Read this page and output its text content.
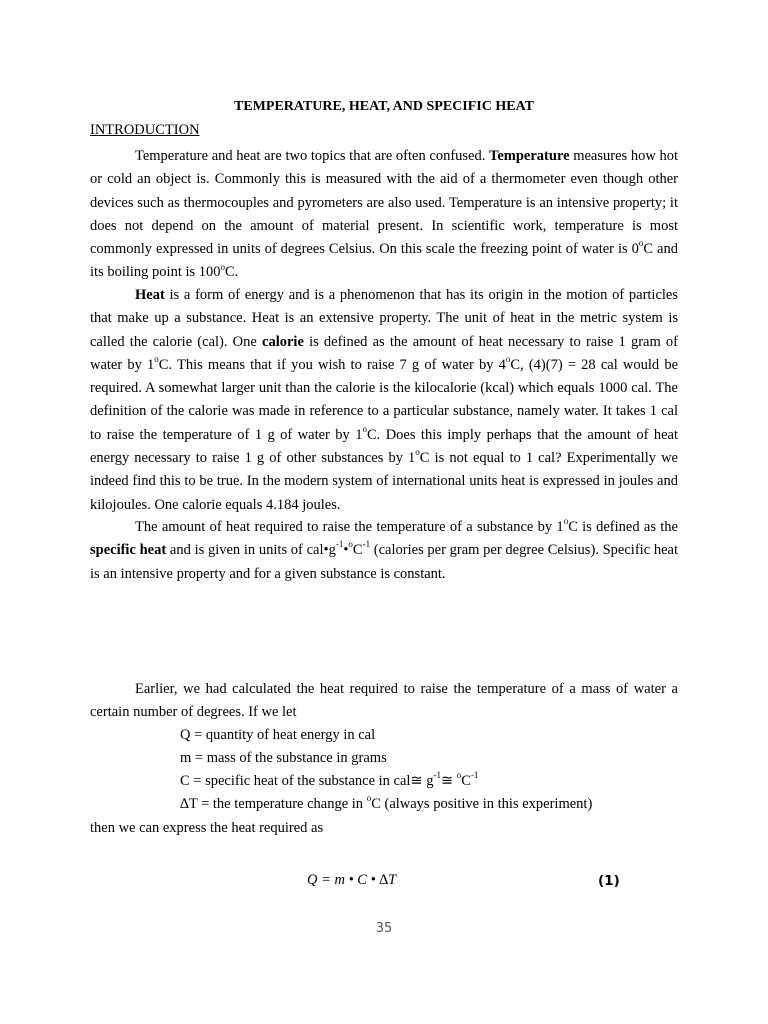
TEMPERATURE, HEAT, AND SPECIFIC HEAT
INTRODUCTION

Temperature and heat are two topics that are often confused. Temperature measures how hot or cold an object is. Commonly this is measured with the aid of a thermometer even though other devices such as thermocouples and pyrometers are also used. Temperature is an intensive property; it does not depend on the amount of material present. In scientific work, temperature is most commonly expressed in units of degrees Celsius. On this scale the freezing point of water is 0$^o$C and its boiling point is 100$^o$C.

Heat is a form of energy and is a phenomenon that has its origin in the motion of particles that make up a substance. Heat is an extensive property. The unit of heat in the metric system is called the calorie (cal). One calorie is defined as the amount of heat necessary to raise 1 gram of water by 1$^o$C. This means that if you wish to raise 7 g of water by 4$^o$C, (4)(7) = 28 cal would be required. A somewhat larger unit than the calorie is the kilocalorie (kcal) which equals 1000 cal. The definition of the calorie was made in reference to a particular substance, namely water. It takes 1 cal to raise the temperature of 1 g of water by 1$^o$C. Does this imply perhaps that the amount of heat energy necessary to raise 1 g of other substances by 1$^o$C is not equal to 1 cal? Experimentally we indeed find this to be true. In the modern system of international units heat is expressed in joules and kilojoules. One calorie equals 4.184 joules.

The amount of heat required to raise the temperature of a substance by 1$^o$C is defined as the specific heat and is given in units of $cal•g^{-1}•^oC^{-1}$ (calories per gram per degree Celsius). Specific heat is an intensive property and for a given substance is constant.

Earlier, we had calculated the heat required to raise the temperature of a mass of water a certain number of degrees. If we let

Q = quantity of heat energy in cal
m = mass of the substance in grams
C = specific heat of the substance in cal≅ $g^{-1}≅$ $^oC^{-1}$
∆T = the temperature change in $^o$C (always positive in this experiment)
then we can express the heat required as
Q = m • C • ∆T	(1)
35
